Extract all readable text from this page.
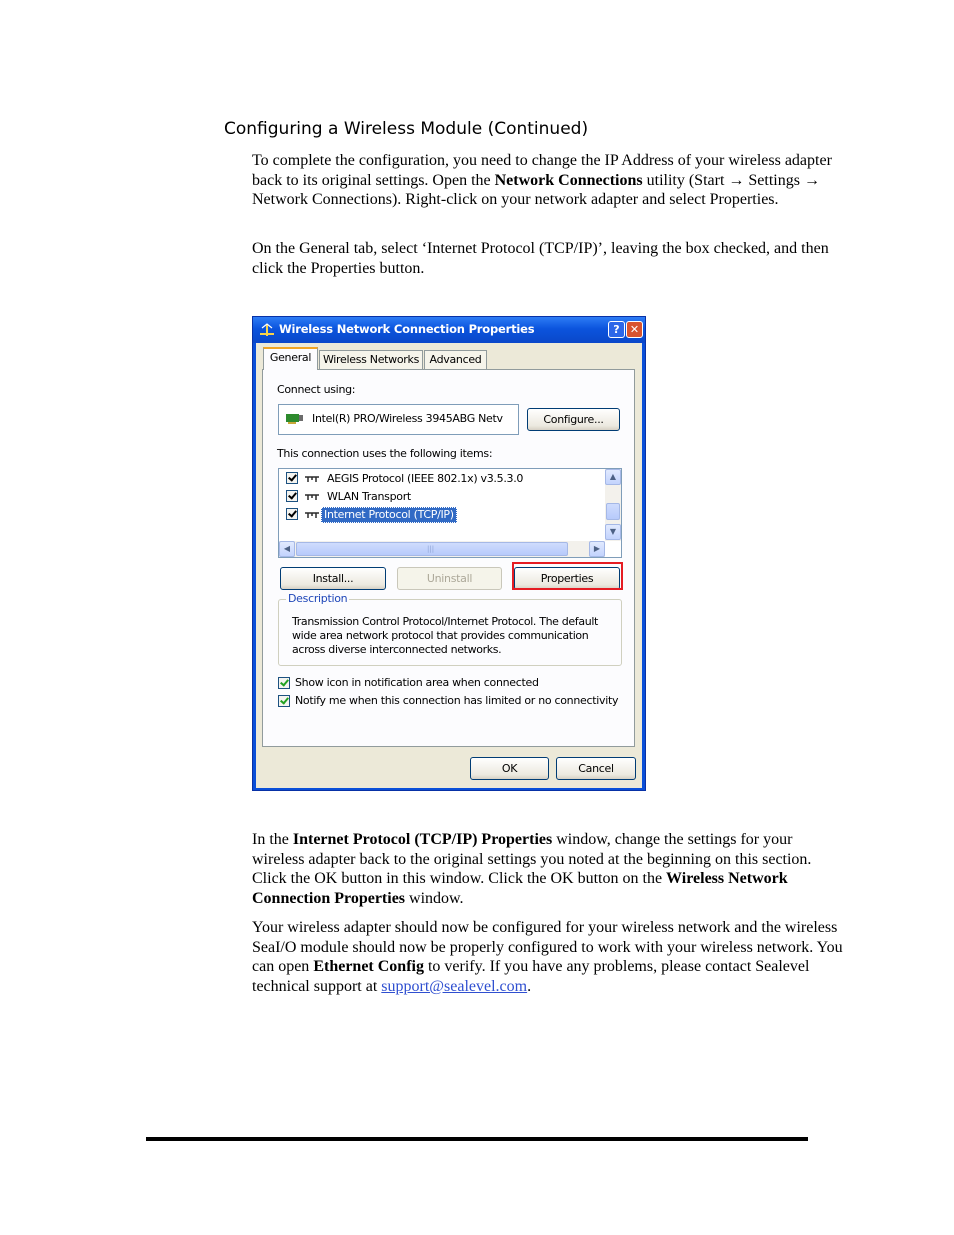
Configuring a Wireless Module (Continued)
To complete the configuration, you need to change the IP Address of your wireless adapter back to its original settings. Open the Network Connections utility (Start → Settings → Network Connections). Right-click on your network adapter and select Properties.
On the General tab, select ‘Internet Protocol (TCP/IP)’, leaving the box checked, and then click the Properties button.
Wireless Network Connection Properties	? ✕
General	Wireless Networks Advanced
Connect using:
Intel(R) PRO/Wireless 3945ABG Netv	Configure...
This connection uses the following items:
AEGIS Protocol (IEEE 802.1x) v3.5.3.0
WLAN Transport
Internet Protocol (TCP/IP)
▲
▼
◀	|||	▶
Install...	Uninstall	Properties
Description
Transmission Control Protocol/Internet Protocol. The default wide area network protocol that provides communication across diverse interconnected networks.
Show icon in notification area when connected
Notify me when this connection has limited or no connectivity
OK	Cancel
In the Internet Protocol (TCP/IP) Properties window, change the settings for your wireless adapter back to the original settings you noted at the beginning on this section. Click the OK button in this window. Click the OK button on the Wireless Network Connection Properties window.
Your wireless adapter should now be configured for your wireless network and the wireless SeaI/O module should now be properly configured to work with your wireless network. You can open Ethernet Config to verify. If you have any problems, please contact Sealevel technical support at support@sealevel.com.
